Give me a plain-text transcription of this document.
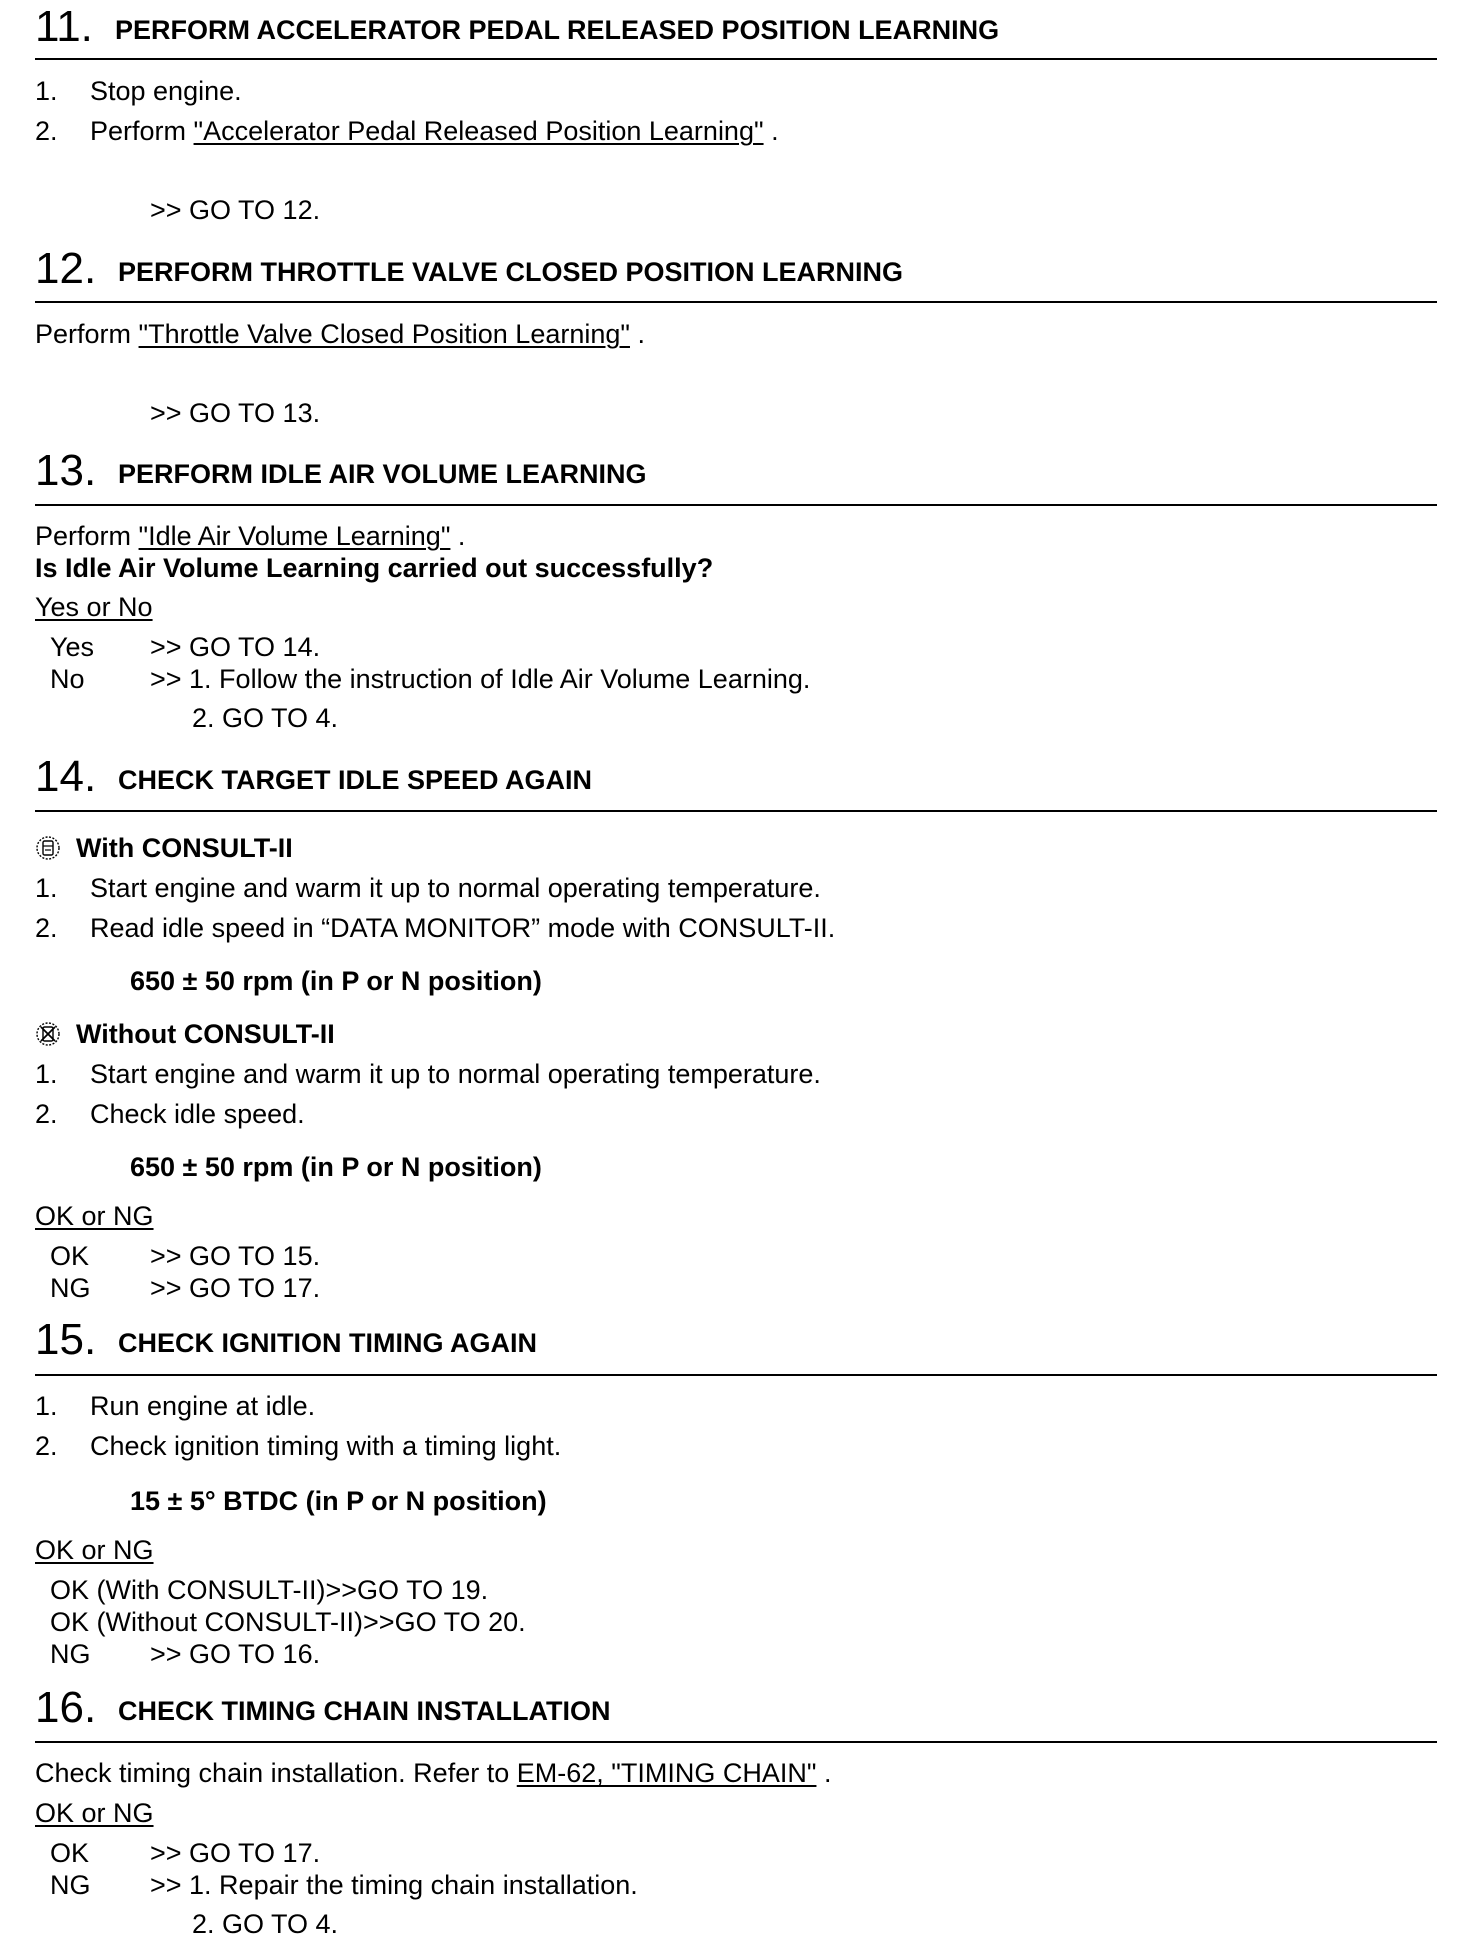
11. PERFORM ACCELERATOR PEDAL RELEASED POSITION LEARNING
1. Stop engine.
2. Perform "Accelerator Pedal Released Position Learning" .
>> GO TO 12.
12. PERFORM THROTTLE VALVE CLOSED POSITION LEARNING
Perform "Throttle Valve Closed Position Learning" .
>> GO TO 13.
13. PERFORM IDLE AIR VOLUME LEARNING
Perform "Idle Air Volume Learning" .
Is Idle Air Volume Learning carried out successfully?
Yes or No
Yes >> GO TO 14.
No >> 1. Follow the instruction of Idle Air Volume Learning.
2. GO TO 4.
14. CHECK TARGET IDLE SPEED AGAIN
With CONSULT-II
1. Start engine and warm it up to normal operating temperature.
2. Read idle speed in “DATA MONITOR” mode with CONSULT-II.
650 ± 50 rpm (in P or N position)
Without CONSULT-II
1. Start engine and warm it up to normal operating temperature.
2. Check idle speed.
650 ± 50 rpm (in P or N position)
OK or NG
OK >> GO TO 15.
NG >> GO TO 17.
15. CHECK IGNITION TIMING AGAIN
1. Run engine at idle.
2. Check ignition timing with a timing light.
15 ± 5° BTDC (in P or N position)
OK or NG
OK (With CONSULT-II)>>GO TO 19.
OK (Without CONSULT-II)>>GO TO 20.
NG >> GO TO 16.
16. CHECK TIMING CHAIN INSTALLATION
Check timing chain installation. Refer to EM-62, "TIMING CHAIN" .
OK or NG
OK >> GO TO 17.
NG >> 1. Repair the timing chain installation.
2. GO TO 4.
